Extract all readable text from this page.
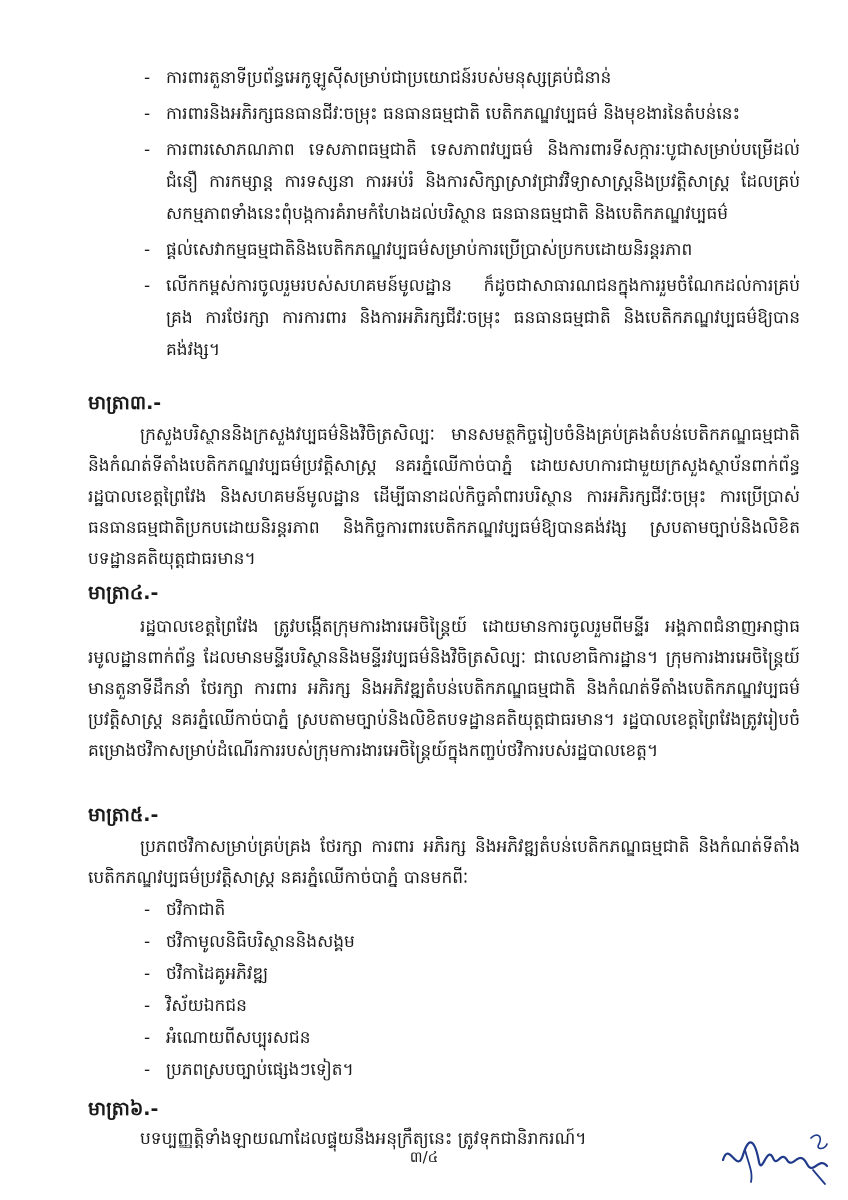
- ការពារតួនាទីប្រព័ន្ធអេកូឡូស៊ីសម្រាប់ជាប្រយោជន៍របស់មនុស្សគ្រប់ជំនាន់
- ការពារនិងអភិរក្សធនធានជីវៈចម្រុះ ធនធានធម្មជាតិ បេតិកភណ្ឌវប្បធម៌ និងមុខងារនៃតំបន់នេះ
- ការពារសោភណភាព ទេសភាពធម្មជាតិ ទេសភាពវប្បធម៌ និងការពារទីសក្ការៈបូជាសម្រាប់បម្រើដល់ជំនឿ ការកម្សាន្ត ការទស្សនា ការអប់រំ និងការសិក្សាស្រាវជ្រាវវិទ្យាសាស្ត្រនិងប្រវត្តិសាស្ត្រ ដែលគ្រប់សកម្មភាពទាំងនេះពុំបង្កការគំរាមកំហែងដល់បរិស្ថាន ធនធានធម្មជាតិ និងបេតិកភណ្ឌវប្បធម៌
- ផ្តល់សេវាកម្មធម្មជាតិនិងបេតិកភណ្ឌវប្បធម៌សម្រាប់ការប្រើប្រាស់ប្រកបដោយនិរន្តរភាព
- លើកកម្ពស់ការចូលរួមរបស់សហគមន៍មូលដ្ឋាន ក៏ដូចជាសាធារណជនក្នុងការរួមចំណែកដល់ការគ្រប់គ្រង ការថែរក្សា ការការពារ និងការអភិរក្សជីវៈចម្រុះ ធនធានធម្មជាតិ និងបេតិកភណ្ឌវប្បធម៌ឱ្យបានគង់វង្ស។
មាត្រា៣.-

ក្រសួងបរិស្ថាននិងក្រសួងវប្បធម៌និងវិចិត្រសិល្បៈ មានសមត្ថកិច្ចរៀបចំនិងគ្រប់គ្រងតំបន់បេតិកភណ្ឌធម្មជាតិ និងកំណត់ទីតាំងបេតិកភណ្ឌវប្បធម៌ប្រវត្តិសាស្ត្រ នគរភ្នំឈើកាច់បាភ្នំ ដោយសហការជាមួយក្រសួងស្ថាប័នពាក់ព័ន្ធ រដ្ឋបាលខេត្តព្រៃវែង និងសហគមន៍មូលដ្ឋាន ដើម្បីធានាដល់កិច្ចគាំពារបរិស្ថាន ការអភិរក្សជីវៈចម្រុះ ការប្រើប្រាស់ធនធានធម្មជាតិប្រកបដោយនិរន្តរភាព និងកិច្ចការពារបេតិកភណ្ឌវប្បធម៌ឱ្យបានគង់វង្ស ស្របតាមច្បាប់និងលិខិតបទដ្ឋានគតិយុត្តជាធរមាន។

មាត្រា៤.-

រដ្ឋបាលខេត្តព្រៃវែង ត្រូវបង្កើតក្រុមការងារអេចិន្ត្រៃយ៍ ដោយមានការចូលរួមពីមន្ទីរ អង្គភាពជំនាញអាជ្ញាធរមូលដ្ឋានពាក់ព័ន្ធ ដែលមានមន្ទីរបរិស្ថាននិងមន្ទីរវប្បធម៌និងវិចិត្រសិល្បៈ ជាលេខាធិការដ្ឋាន។ ក្រុមការងារអេចិន្ត្រៃយ៍មានតួនាទីដឹកនាំ ថែរក្សា ការពារ អភិរក្ស និងអភិវឌ្ឍតំបន់បេតិកភណ្ឌធម្មជាតិ និងកំណត់ទីតាំងបេតិកភណ្ឌវប្បធម៌ប្រវត្តិសាស្ត្រ នគរភ្នំឈើកាច់បាភ្នំ ស្របតាមច្បាប់និងលិខិតបទដ្ឋានគតិយុត្តជាធរមាន។ រដ្ឋបាលខេត្តព្រៃវែងត្រូវរៀបចំគម្រោងថវិកាសម្រាប់ដំណើរការរបស់ក្រុមការងារអេចិន្ត្រៃយ៍ក្នុងកញ្ចប់ថវិការបស់រដ្ឋបាលខេត្ត។

មាត្រា៥.-

ប្រភពថវិកាសម្រាប់គ្រប់គ្រង ថែរក្សា ការពារ អភិរក្ស និងអភិវឌ្ឍតំបន់បេតិកភណ្ឌធម្មជាតិ និងកំណត់ទីតាំងបេតិកភណ្ឌវប្បធម៌ប្រវត្តិសាស្ត្រ នគរភ្នំឈើកាច់បាភ្នំ បានមកពីៈ

- ថវិកាជាតិ
- ថវិកាមូលនិធិបរិស្ថាននិងសង្គម
- ថវិកាដៃគូអភិវឌ្ឍ
- វិស័យឯកជន
- អំណោយពីសប្បុរសជន
- ប្រភពស្របច្បាប់ផ្សេងៗទៀត។
មាត្រា៦.-

បទប្បញ្ញត្តិទាំងឡាយណាដែលផ្ទុយនឹងអនុក្រឹត្យនេះ ត្រូវទុកជានិរាករណ៍។

៣/៤
